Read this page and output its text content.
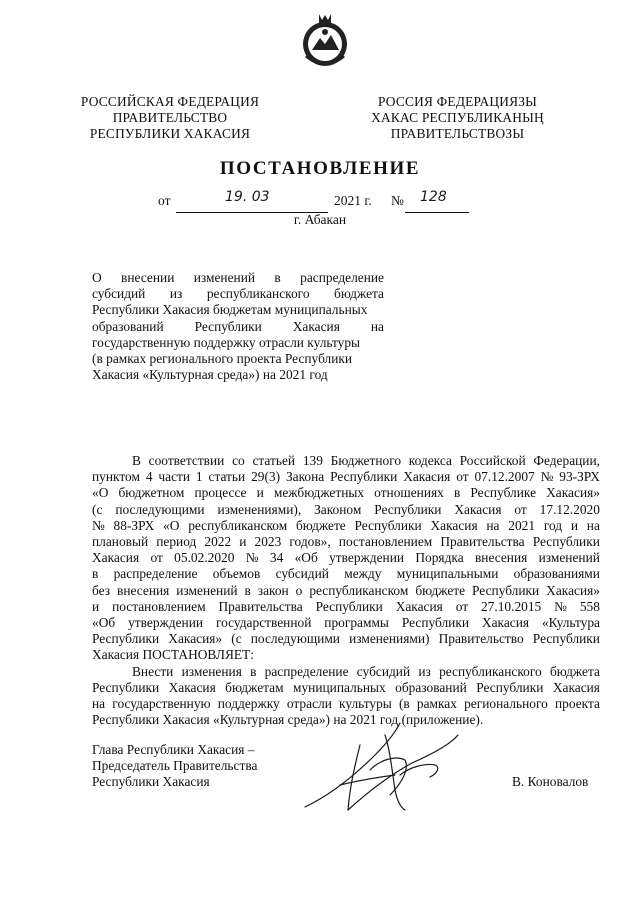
РОССИЙСКАЯ ФЕДЕРАЦИЯ
ПРАВИТЕЛЬСТВО
РЕСПУБЛИКИ ХАКАСИЯ
РОССИЯ ФЕДЕРАЦИЯЗЫ
ХАКАС РЕСПУБЛИКАНЫҢ
ПРАВИТЕЛЬСТВОЗЫ
ПОСТАНОВЛЕНИЕ
от	19. 03	2021 г. № 128
г. Абакан
О внесении изменений в распределение
субсидий из республиканского бюджета
Республики Хакасия бюджетам муниципальных
образований Республики Хакасия на
государственную поддержку отрасли культуры
(в рамках регионального проекта Республики
Хакасия «Культурная среда») на 2021 год
В соответствии со статьей 139 Бюджетного кодекса Российской Федерации,
пунктом 4 части 1 статьи 29(3) Закона Республики Хакасия от 07.12.2007 № 93-ЗРХ
«О бюджетном процессе и межбюджетных отношениях в Республике Хакасия»
(с последующими изменениями), Законом Республики Хакасия от 17.12.2020
№ 88-ЗРХ «О республиканском бюджете Республики Хакасия на 2021 год и на
плановый период 2022 и 2023 годов», постановлением Правительства Республики
Хакасия от 05.02.2020 № 34 «Об утверждении Порядка внесения изменений
в распределение объемов субсидий между муниципальными образованиями
без внесения изменений в закон о республиканском бюджете Республики Хакасия»
и постановлением Правительства Республики Хакасия от 27.10.2015 № 558
«Об утверждении государственной программы Республики Хакасия «Культура
Республики Хакасия» (с последующими изменениями) Правительство Республики
Хакасия ПОСТАНОВЛЯЕТ:
Внести изменения в распределение субсидий из республиканского бюджета
Республики Хакасия бюджетам муниципальных образований Республики Хакасия
на государственную поддержку отрасли культуры (в рамках регионального проекта
Республики Хакасия «Культурная среда») на 2021 год (приложение).
Глава Республики Хакасия –
Председатель Правительства
Республики Хакасия	В. Коновалов
